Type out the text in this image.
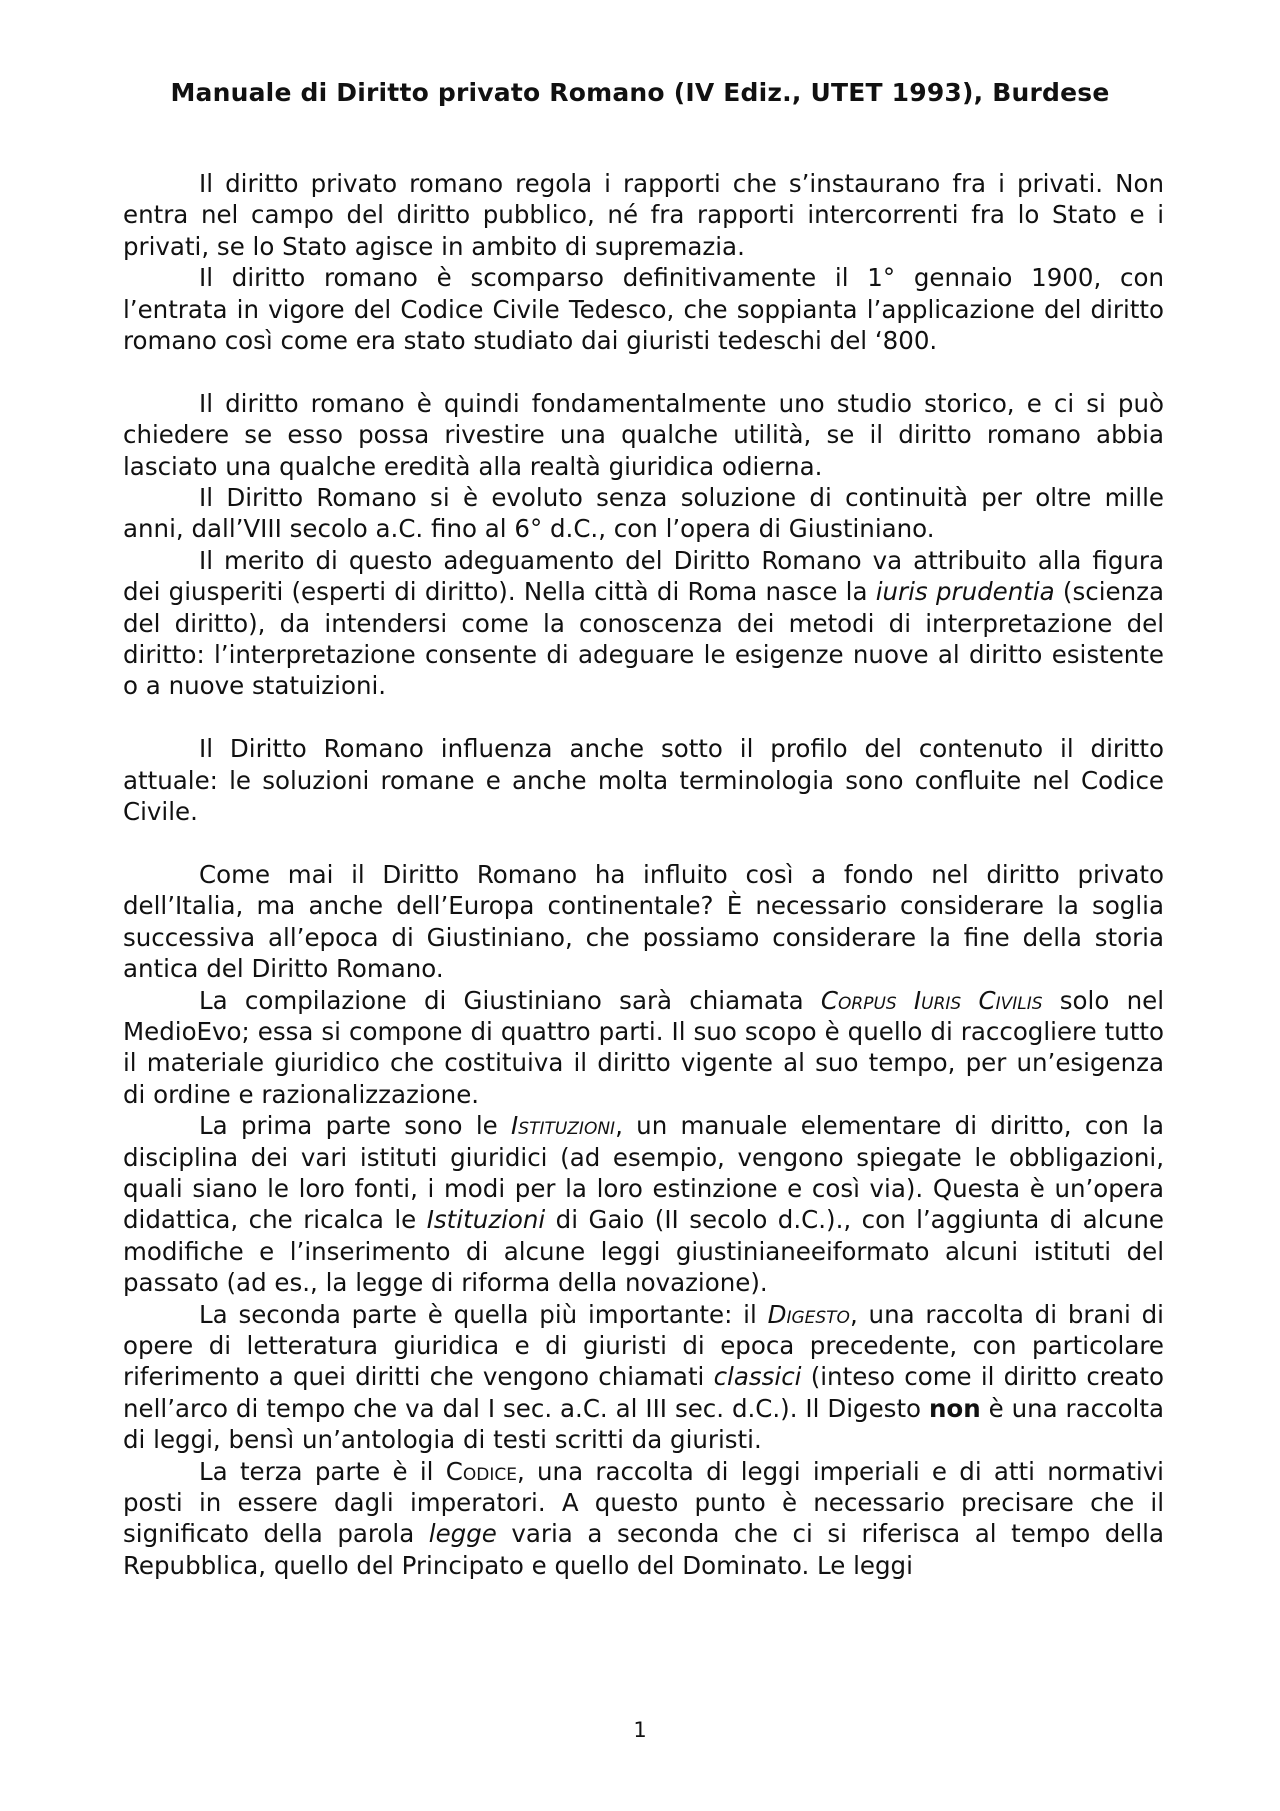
Manuale di Diritto privato Romano (IV Ediz., UTET 1993), Burdese

Il diritto privato romano regola i rapporti che s’instaurano fra i privati. Non entra nel campo del diritto pubblico, né fra rapporti intercorrenti fra lo Stato e i privati, se lo Stato agisce in ambito di supremazia.

Il diritto romano è scomparso definitivamente il 1° gennaio 1900, con l’entrata in vigore del Codice Civile Tedesco, che soppianta l’applicazione del diritto romano così come era stato studiato dai giuristi tedeschi del ‘800.

Il diritto romano è quindi fondamentalmente uno studio storico, e ci si può chiedere se esso possa rivestire una qualche utilità, se il diritto romano abbia lasciato una qualche eredità alla realtà giuridica odierna.

Il Diritto Romano si è evoluto senza soluzione di continuità per oltre mille anni, dall’VIII secolo a.C. fino al 6° d.C., con l’opera di Giustiniano.

Il merito di questo adeguamento del Diritto Romano va attribuito alla figura dei giusperiti (esperti di diritto). Nella città di Roma nasce la iuris prudentia (scienza del diritto), da intendersi come la conoscenza dei metodi di interpretazione del diritto: l’interpretazione consente di adeguare le esigenze nuove al diritto esistente o a nuove statuizioni.

Il Diritto Romano influenza anche sotto il profilo del contenuto il diritto attuale: le soluzioni romane e anche molta terminologia sono confluite nel Codice Civile.

Come mai il Diritto Romano ha influito così a fondo nel diritto privato dell’Italia, ma anche dell’Europa continentale? È necessario considerare la soglia successiva all’epoca di Giustiniano, che possiamo considerare la fine della storia antica del Diritto Romano.

La compilazione di Giustiniano sarà chiamata Corpus Iuris Civilis solo nel MedioEvo; essa si compone di quattro parti. Il suo scopo è quello di raccogliere tutto il materiale giuridico che costituiva il diritto vigente al suo tempo, per un’esigenza di ordine e razionalizzazione.

La prima parte sono le Istituzioni, un manuale elementare di diritto, con la disciplina dei vari istituti giuridici (ad esempio, vengono spiegate le obbligazioni, quali siano le loro fonti, i modi per la loro estinzione e così via). Questa è un’opera didattica, che ricalca le Istituzioni di Gaio (II secolo d.C.)., con l’aggiunta di alcune modifiche e l’inserimento di alcune leggi giustinianeeiformato alcuni istituti del passato (ad es., la legge di riforma della novazione).

La seconda parte è quella più importante: il Digesto, una raccolta di brani di opere di letteratura giuridica e di giuristi di epoca precedente, con particolare riferimento a quei diritti che vengono chiamati classici (inteso come il diritto creato nell’arco di tempo che va dal I sec. a.C. al III sec. d.C.). Il Digesto non è una raccolta di leggi, bensì un’antologia di testi scritti da giuristi.

La terza parte è il Codice, una raccolta di leggi imperiali e di atti normativi posti in essere dagli imperatori. A questo punto è necessario precisare che il significato della parola legge varia a seconda che ci si riferisca al tempo della Repubblica, quello del Principato e quello del Dominato. Le leggi

1
